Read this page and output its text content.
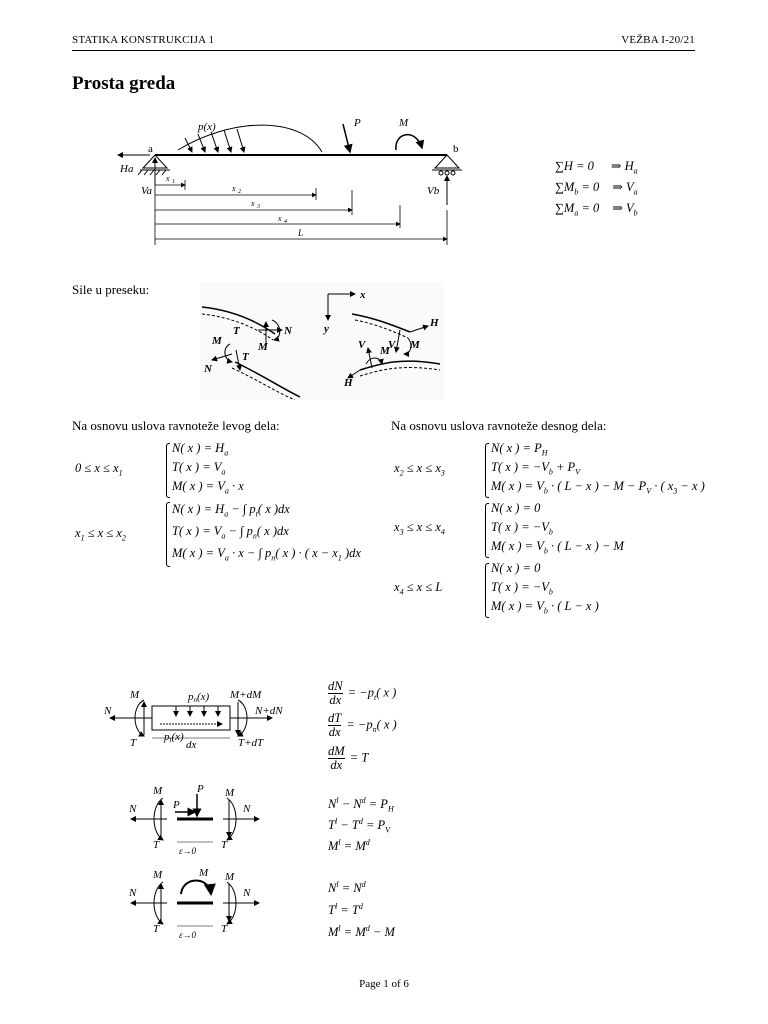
STATIKA KONSTRUKCIJA 1	VEŽBA I-20/21
Prosta greda
p(x)	P	M
a	b
Ha
Va	Vb
x
x
x
x
L
1
2
3
4
∑H = 0 ⇒ $H_a$
$\sum M_b = 0$ ⇒ $V_a$
$\sum M_a = 0$ ⇒ $V_b$
Sile u preseku:
T	N
M
M
T
N
x
y	H
V M
V M
H
Na osnovu uslova ravnoteže levog dela:	Na osnovu uslova ravnoteže desnog dela:
$0 \le x \le x_1$
N( x ) = $H_a$
T( x ) = $V_a$
M( x ) = $V_a \cdot x$
$x_1 \le x \le x_2$
N( x ) = $H_a$ − ∫ $p_t$( x )dx
T( x ) = $V_a$ − ∫ $p_n$( x )dx
M( x ) = $V_a \cdot x$ − ∫ $p_n$( x ) · ( $x - x_1$ )dx
$x_2 \le x \le x_3$
N( x ) = $P_H$
T( x ) = $-V_b + P_V$
M( x ) = $V_b$ · ( L − x ) − $M - P_V$ · ( $x_3 - x$ )
$x_3 \le x \le x_4$
N( x ) = 0
T( x ) = $-V_b$
M( x ) = $V_b$ · ( L − x ) − M
$x_4 \le x \le L$
N( x ) = 0
T( x ) = $-V_b$
M( x ) = $V_b$ · ( L − x )
M	pn(x) M+dM
N	N+dN
T	pt(x)
dx	T+dT
$\frac{dN}{dx} = -p_t$( x )
$\frac{dT}{dx} = -p_n$( x )
$\frac{dM}{dx} = T$
M
N
T
M
N
T
P
P
ε→0
$N^l - N^d = P_H$
$T^l - T^d = P_V$
$M^l = M^d$
M
N
T
M
N
T
M
ε→0
$N^l = N^d$
$T^l = T^d$
$M^l = M^d - M$
Page 1 of 6
